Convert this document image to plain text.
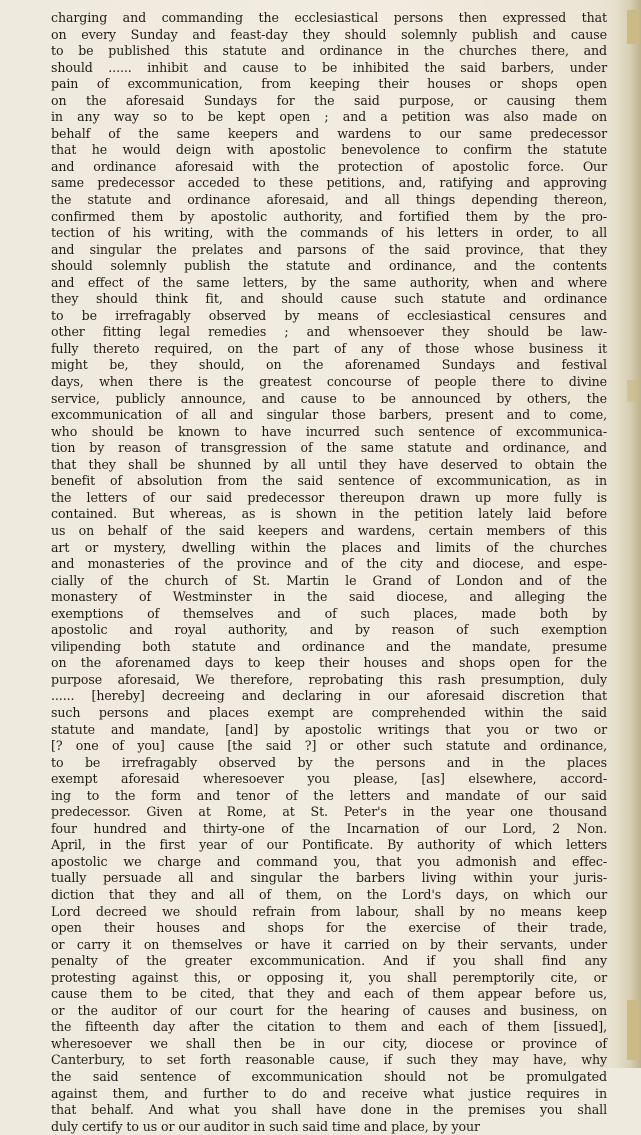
charging and commanding the ecclesiastical persons then expressed that
on every Sunday and feast-day they should solemnly publish and cause
to be published this statute and ordinance in the churches there, and
should ...... inhibit and cause to be inhibited the said barbers, under
pain of excommunication, from keeping their houses or shops open
on the aforesaid Sundays for the said purpose, or causing them
in any way so to be kept open ; and a petition was also made on
behalf of the same keepers and wardens to our same predecessor
that he would deign with apostolic benevolence to confirm the statute
and ordinance aforesaid with the protection of apostolic force. Our
same predecessor acceded to these petitions, and, ratifying and approving
the statute and ordinance aforesaid, and all things depending thereon,
confirmed them by apostolic authority, and fortified them by the pro-
tection of his writing, with the commands of his letters in order, to all
and singular the prelates and parsons of the said province, that they
should solemnly publish the statute and ordinance, and the contents
and effect of the same letters, by the same authority, when and where
they should think fit, and should cause such statute and ordinance
to be irrefragably observed by means of ecclesiastical censures and
other fitting legal remedies ; and whensoever they should be law-
fully thereto required, on the part of any of those whose business it
might be, they should, on the aforenamed Sundays and festival
days, when there is the greatest concourse of people there to divine
service, publicly announce, and cause to be announced by others, the
excommunication of all and singular those barbers, present and to come,
who should be known to have incurred such sentence of excommunica-
tion by reason of transgression of the same statute and ordinance, and
that they shall be shunned by all until they have deserved to obtain the
benefit of absolution from the said sentence of excommunication, as in
the letters of our said predecessor thereupon drawn up more fully is
contained. But whereas, as is shown in the petition lately laid before
us on behalf of the said keepers and wardens, certain members of this
art or mystery, dwelling within the places and limits of the churches
and monasteries of the province and of the city and diocese, and espe-
cially of the church of St. Martin le Grand of London and of the
monastery of Westminster in the said diocese, and alleging the
exemptions of themselves and of such places, made both by
apostolic and royal authority, and by reason of such exemption
vilipending both statute and ordinance and the mandate, presume
on the aforenamed days to keep their houses and shops open for the
purpose aforesaid, We therefore, reprobating this rash presumption, duly
...... [hereby] decreeing and declaring in our aforesaid discretion that
such persons and places exempt are comprehended within the said
statute and mandate, [and] by apostolic writings that you or two or
[? one of you] cause [the said ?] or other such statute and ordinance,
to be irrefragably observed by the persons and in the places
exempt aforesaid wheresoever you please, [as] elsewhere, accord-
ing to the form and tenor of the letters and mandate of our said
predecessor. Given at Rome, at St. Peter's in the year one thousand
four hundred and thirty-one of the Incarnation of our Lord, 2 Non.
April, in the first year of our Pontificate. By authority of which letters
apostolic we charge and command you, that you admonish and effec-
tually persuade all and singular the barbers living within your juris-
diction that they and all of them, on the Lord's days, on which our
Lord decreed we should refrain from labour, shall by no means keep
open their houses and shops for the exercise of their trade,
or carry it on themselves or have it carried on by their servants, under
penalty of the greater excommunication. And if you shall find any
protesting against this, or opposing it, you shall peremptorily cite, or
cause them to be cited, that they and each of them appear before us,
or the auditor of our court for the hearing of causes and business, on
the fifteenth day after the citation to them and each of them [issued],
wheresoever we shall then be in our city, diocese or province of
Canterbury, to set forth reasonable cause, if such they may have, why
the said sentence of excommunication should not be promulgated
against them, and further to do and receive what justice requires in
that behalf. And what you shall have done in the premises you shall
duly certify to us or our auditor in such said time and place, by your
